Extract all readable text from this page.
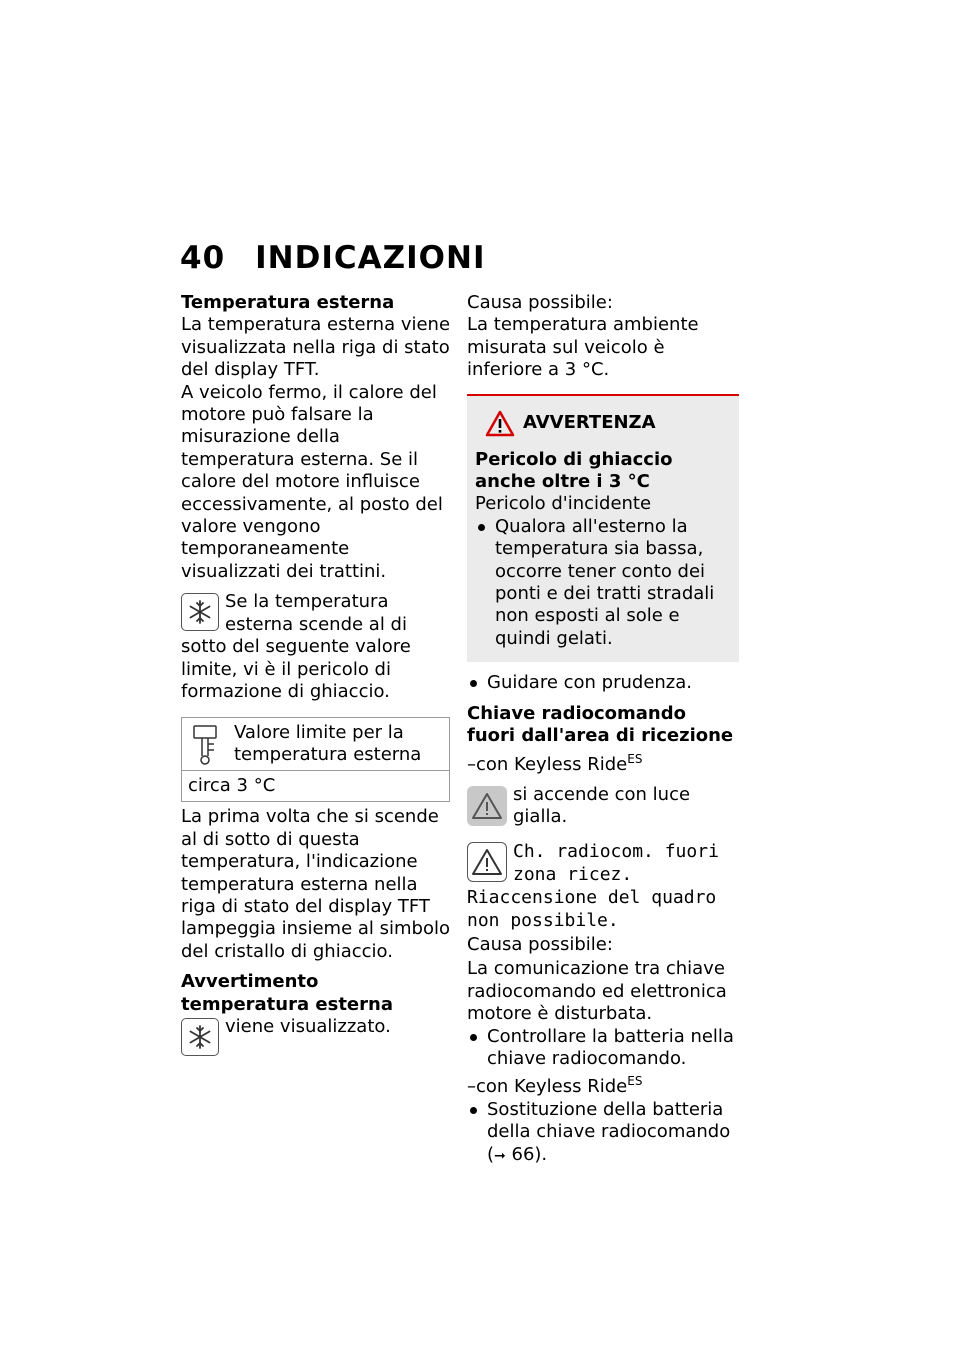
40 INDICAZIONI

Temperatura esterna

La temperatura esterna viene visualizzata nella riga di stato del display TFT.

A veicolo fermo, il calore del motore può falsare la misurazione della temperatura esterna. Se il calore del motore influisce eccessivamente, al posto del valore vengono temporaneamente visualizzati dei trattini.

Se la temperatura esterna scende al di sotto del seguente valore limite, vi è il pericolo di formazione di ghiaccio.

Valore limite per la temperatura esterna
circa 3 °C

La prima volta che si scende al di sotto di questa temperatura, l'indicazione temperatura esterna nella riga di stato del display TFT lampeggia insieme al simbolo del cristallo di ghiaccio.

Avvertimento temperatura esterna

viene visualizzato.

Causa possibile:

La temperatura ambiente misurata sul veicolo è inferiore a 3 °C.

AVVERTENZA

Pericolo di ghiaccio anche oltre i 3 °C

Pericolo d'incidente

Qualora all'esterno la temperatura sia bassa, occorre tener conto dei ponti e dei tratti stradali non esposti al sole e quindi gelati.
Guidare con prudenza.

Chiave radiocomando fuori dall'area di ricezione

–con Keyless Ride$^{ES}$

si accende con luce gialla.

Ch. radiocom. fuori zona ricez. Riaccensione del quadro non possibile.

Causa possibile:

La comunicazione tra chiave radiocomando ed elettronica motore è disturbata.

Controllare la batteria nella chiave radiocomando.

–con Keyless Ride$^{ES}$

Sostituzione della batteria della chiave radiocomando
(➞ 66).
